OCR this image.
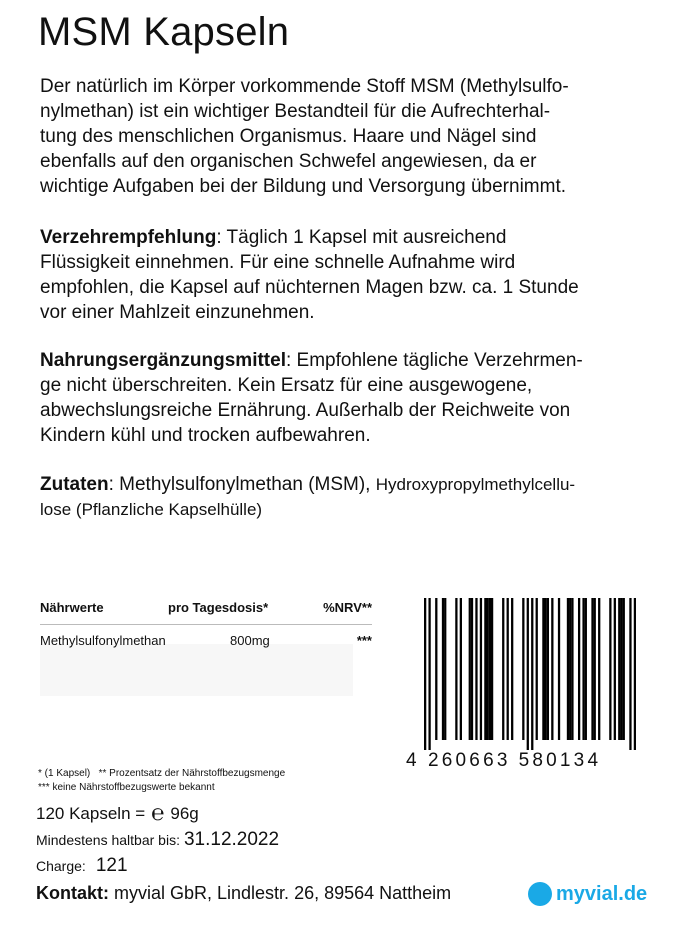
MSM Kapseln

Der natürlich im Körper vorkommende Stoff MSM (Methylsulfo-
nylmethan) ist ein wichtiger Bestandteil für die Aufrechterhal-
tung des menschlichen Organismus. Haare und Nägel sind
ebenfalls auf den organischen Schwefel angewiesen, da er
wichtige Aufgaben bei der Bildung und Versorgung übernimmt.

Verzehrempfehlung: Täglich 1 Kapsel mit ausreichend
Flüssigkeit einnehmen. Für eine schnelle Aufnahme wird
empfohlen, die Kapsel auf nüchternen Magen bzw. ca. 1 Stunde
vor einer Mahlzeit einzunehmen.

Nahrungsergänzungsmittel: Empfohlene tägliche Verzehrmen-
ge nicht überschreiten. Kein Ersatz für eine ausgewogene,
abwechslungsreiche Ernährung. Außerhalb der Reichweite von
Kindern kühl und trocken aufbewahren.

Zutaten: Methylsulfonylmethan (MSM), Hydroxypropylmethylcellu-
lose (Pflanzliche Kapselhülle)

Nährwerte	pro Tagesdosis*	%NRV**
Methylsulfonylmethan	800mg	***
4 260663 580134
* (1 Kapsel) ** Prozentsatz der Nährstoffbezugsmenge
*** keine Nährstoffbezugswerte bekannt
120 Kapseln = ℮ 96g
Mindestens haltbar bis: 31.12.2022
Charge: 121
Kontakt: myvial GbR, Lindlestr. 26, 89564 Nattheim	myvial.de
